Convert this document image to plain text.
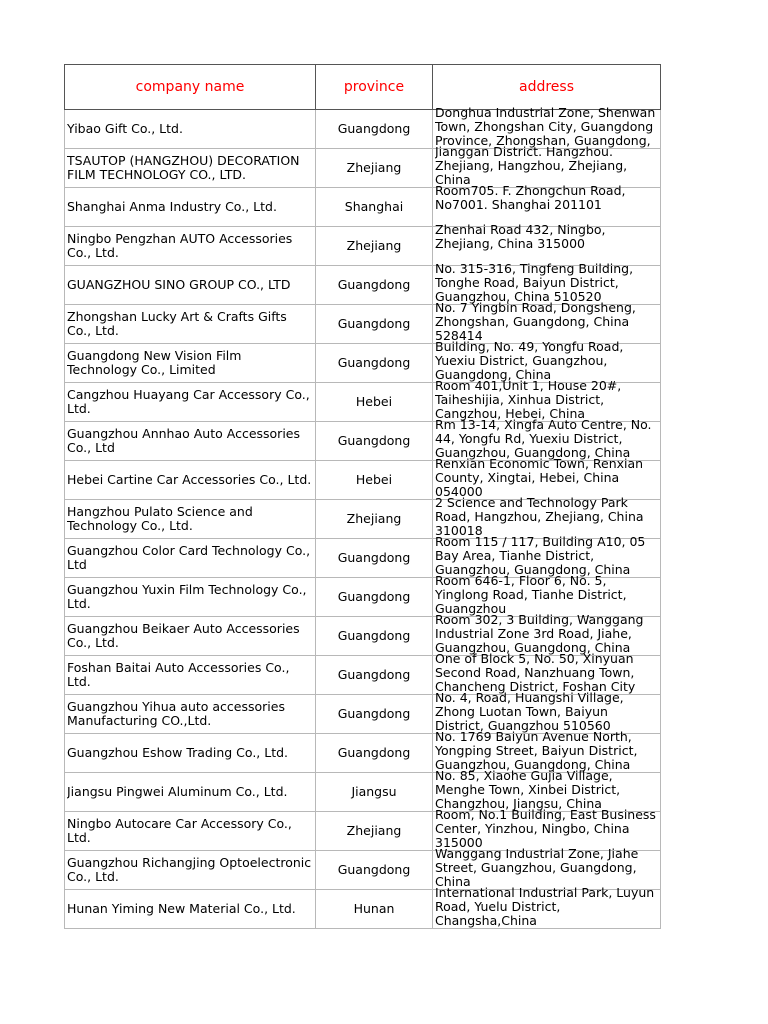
company name	province	address

Yibao Gift Co., Ltd.	Guangdong	Donghua Industrial Zone, Shenwan Town, Zhongshan City, Guangdong Province, Zhongshan, Guangdong,

TSAUTOP (HANGZHOU) DECORATION FILM TECHNOLOGY CO., LTD.	Zhejiang	Jianggan District. Hangzhou. Zhejiang, Hangzhou, Zhejiang, China

Shanghai Anma Industry Co., Ltd.	Shanghai	Room705. F. Zhongchun Road, No7001. Shanghai 201101

Ningbo Pengzhan AUTO Accessories Co., Ltd.	Zhejiang	Zhenhai Road 432, Ningbo, Zhejiang, China 315000

GUANGZHOU SINO GROUP CO., LTD	Guangdong	No. 315-316, Tingfeng Building, Tonghe Road, Baiyun District, Guangzhou, China 510520

Zhongshan Lucky Art & Crafts Gifts Co., Ltd.	Guangdong	No. 7 Yingbin Road, Dongsheng, Zhongshan, Guangdong, China 528414

Guangdong New Vision Film Technology Co., Limited	Guangdong	Building, No. 49, Yongfu Road, Yuexiu District, Guangzhou, Guangdong, China

Cangzhou Huayang Car Accessory Co., Ltd.	Hebei	Room 401,Unit 1, House 20#, Taiheshijia, Xinhua District, Cangzhou, Hebei, China

Guangzhou Annhao Auto Accessories Co., Ltd	Guangdong	Rm 13-14, Xingfa Auto Centre, No. 44, Yongfu Rd, Yuexiu District, Guangzhou, Guangdong, China

Hebei Cartine Car Accessories Co., Ltd.	Hebei	Renxian Economic Town, Renxian County, Xingtai, Hebei, China 054000

Hangzhou Pulato Science and Technology Co., Ltd.	Zhejiang	2 Science and Technology Park Road, Hangzhou, Zhejiang, China 310018

Guangzhou Color Card Technology Co., Ltd	Guangdong	Room 115 / 117, Building A10, 05 Bay Area, Tianhe District, Guangzhou, Guangdong, China

Guangzhou Yuxin Film Technology Co., Ltd.	Guangdong	Room 646-1, Floor 6, No. 5, Yinglong Road, Tianhe District, Guangzhou

Guangzhou Beikaer Auto Accessories Co., Ltd.	Guangdong	Room 302, 3 Building, Wanggang Industrial Zone 3rd Road, Jiahe, Guangzhou, Guangdong, China

Foshan Baitai Auto Accessories Co., Ltd.	Guangdong	One of Block 5, No. 50, Xinyuan Second Road, Nanzhuang Town, Chancheng District, Foshan City

Guangzhou Yihua auto accessories Manufacturing CO.,Ltd.	Guangdong	No. 4, Road, Huangshi Village, Zhong Luotan Town, Baiyun District, Guangzhou 510560

Guangzhou Eshow Trading Co., Ltd.	Guangdong	No. 1769 Baiyun Avenue North, Yongping Street, Baiyun District, Guangzhou, Guangdong, China

Jiangsu Pingwei Aluminum Co., Ltd.	Jiangsu	No. 85, Xiaohe Gujia Village, Menghe Town, Xinbei District, Changzhou, Jiangsu, China

Ningbo Autocare Car Accessory Co., Ltd.	Zhejiang	Room, No.1 Building, East Business Center, Yinzhou, Ningbo, China 315000

Guangzhou Richangjing Optoelectronic Co., Ltd.	Guangdong	Wanggang Industrial Zone, Jiahe Street, Guangzhou, Guangdong, China

Hunan Yiming New Material Co., Ltd.	Hunan	International Industrial Park, Luyun Road, Yuelu District, Changsha,China
